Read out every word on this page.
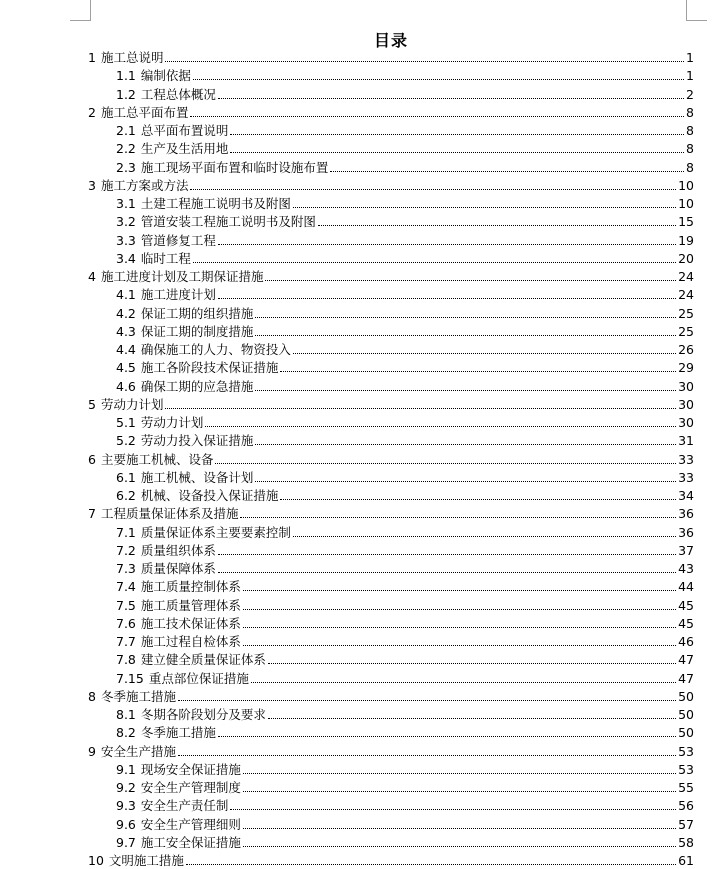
目录
1 施工总说明	1
1.1 编制依据	1
1.2 工程总体概况	2
2 施工总平面布置	8
2.1 总平面布置说明	8
2.2 生产及生活用地	8
2.3 施工现场平面布置和临时设施布置	8
3 施工方案或方法	10
3.1 土建工程施工说明书及附图	10
3.2 管道安装工程施工说明书及附图	15
3.3 管道修复工程	19
3.4 临时工程	20
4 施工进度计划及工期保证措施	24
4.1 施工进度计划	24
4.2 保证工期的组织措施	25
4.3 保证工期的制度措施	25
4.4 确保施工的人力、物资投入	26
4.5 施工各阶段技术保证措施	29
4.6 确保工期的应急措施	30
5 劳动力计划	30
5.1 劳动力计划	30
5.2 劳动力投入保证措施	31
6 主要施工机械、设备	33
6.1 施工机械、设备计划	33
6.2 机械、设备投入保证措施	34
7 工程质量保证体系及措施	36
7.1 质量保证体系主要要素控制	36
7.2 质量组织体系	37
7.3 质量保障体系	43
7.4 施工质量控制体系	44
7.5 施工质量管理体系	45
7.6 施工技术保证体系	45
7.7 施工过程自检体系	46
7.8 建立健全质量保证体系	47
7.15 重点部位保证措施	47
8 冬季施工措施	50
8.1 冬期各阶段划分及要求	50
8.2 冬季施工措施	50
9 安全生产措施	53
9.1 现场安全保证措施	53
9.2 安全生产管理制度	55
9.3 安全生产责任制	56
9.6 安全生产管理细则	57
9.7 施工安全保证措施	58
10 文明施工措施	61
